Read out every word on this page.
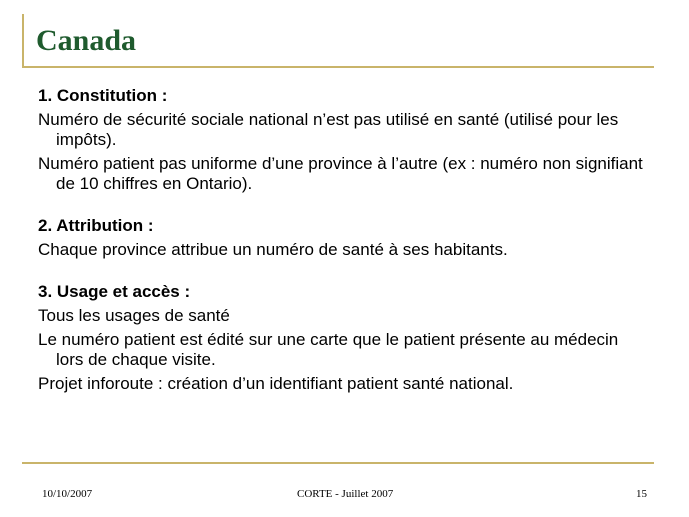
Canada
1. Constitution :
Numéro de sécurité sociale national n’est pas utilisé en santé (utilisé pour les impôts).
Numéro patient pas uniforme d’une province à l’autre (ex : numéro non signifiant de 10 chiffres en Ontario).
2. Attribution :
Chaque province attribue un numéro de santé à ses habitants.
3. Usage et accès :
Tous les usages de santé
Le numéro patient est édité sur une carte que le patient présente au médecin lors de chaque visite.
Projet inforoute : création d’un identifiant patient santé national.
10/10/2007	CORTE - Juillet 2007	15
